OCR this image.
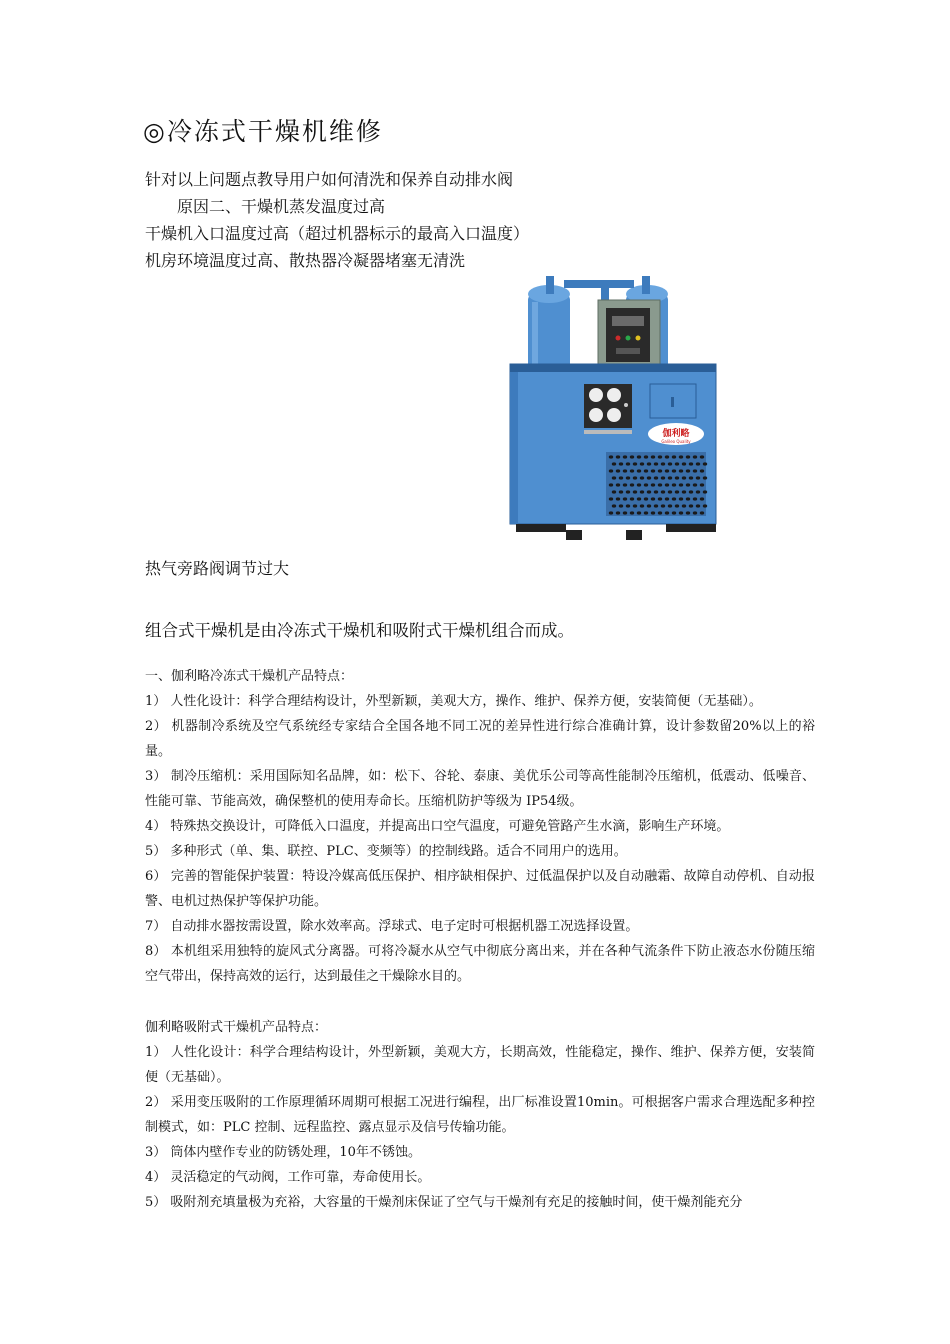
◎冷冻式干燥机维修
针对以上问题点教导用户如何清洗和保养自动排水阀
原因二、干燥机蒸发温度过高
干燥机入口温度过高（超过机器标示的最高入口温度）
机房环境温度过高、散热器冷凝器堵塞无清洗
伽利略
Galileo Quality
热气旁路阀调节过大
组合式干燥机是由冷冻式干燥机和吸附式干燥机组合而成。
一、伽利略冷冻式干燥机产品特点：
1） 人性化设计：科学合理结构设计，外型新颖，美观大方，操作、维护、保养方便，安装简便（无基础）。
2） 机器制冷系统及空气系统经专家结合全国各地不同工况的差异性进行综合准确计算，设计参数留20%以上的裕量。
3） 制冷压缩机：采用国际知名品牌，如：松下、谷轮、泰康、美优乐公司等高性能制冷压缩机，低震动、低噪音、性能可靠、节能高效，确保整机的使用寿命长。压缩机防护等级为 IP54级。
4） 特殊热交换设计，可降低入口温度，并提高出口空气温度，可避免管路产生水滴，影响生产环境。
5） 多种形式（单、集、联控、PLC、变频等）的控制线路。适合不同用户的选用。
6） 完善的智能保护装置：特设冷媒高低压保护、相序缺相保护、过低温保护以及自动融霜、故障自动停机、自动报警、电机过热保护等保护功能。
7） 自动排水器按需设置，除水效率高。浮球式、电子定时可根据机器工况选择设置。
8） 本机组采用独特的旋风式分离器。可将冷凝水从空气中彻底分离出来，并在各种气流条件下防止液态水份随压缩空气带出，保持高效的运行，达到最佳之干燥除水目的。
伽利略吸附式干燥机产品特点：
1） 人性化设计：科学合理结构设计，外型新颖，美观大方，长期高效，性能稳定，操作、维护、保养方便，安装简便（无基础）。
2） 采用变压吸附的工作原理循环周期可根据工况进行编程，出厂标准设置10min。可根据客户需求合理选配多种控制模式，如：PLC 控制、远程监控、露点显示及信号传输功能。
3） 筒体内壁作专业的防锈处理，10年不锈蚀。
4） 灵活稳定的气动阀，工作可靠，寿命使用长。
5） 吸附剂充填量极为充裕，大容量的干燥剂床保证了空气与干燥剂有充足的接触时间，使干燥剂能充分
